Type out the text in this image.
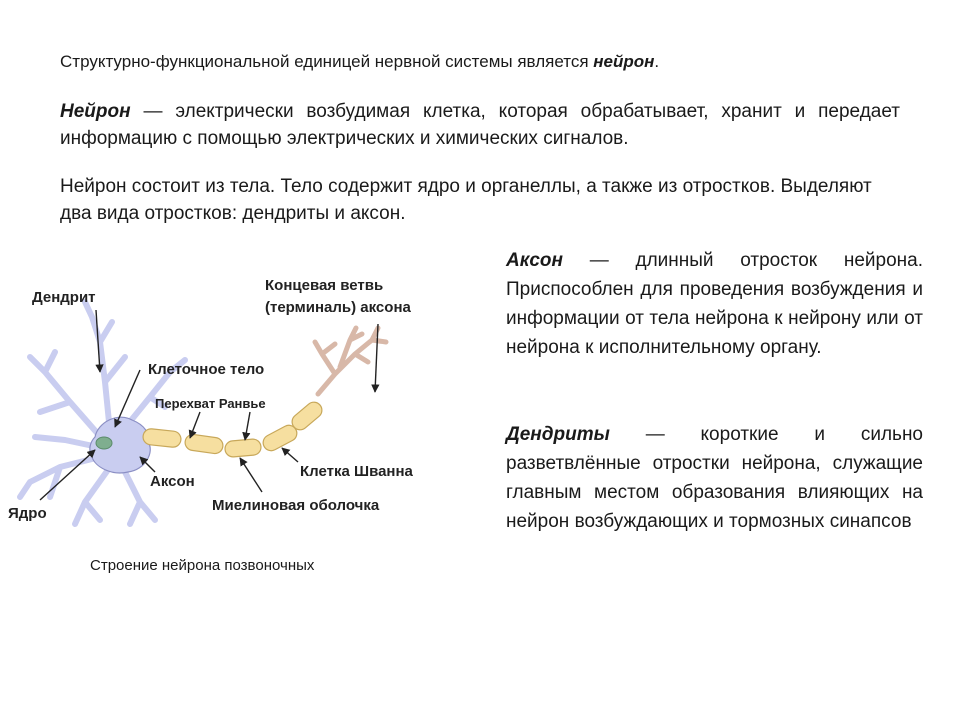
Структурно-функциональной единицей нервной системы является нейрон.

Нейрон — электрически возбудимая клетка, которая обрабатывает, хранит и передает информацию с помощью электрических и химических сигналов.

Нейрон состоит из тела. Тело содержит ядро и органеллы, а также из отростков. Выделяют два вида отростков: дендриты и аксон.

Аксон — длинный отросток нейрона. Приспособлен для проведения возбуждения и информации от тела нейрона к нейрону или от нейрона к исполнительному органу.

Дендриты — короткие и сильно разветвлённые отростки нейрона, служащие главным местом образования влияющих на нейрон возбуждающих и тормозных синапсов

Дендрит
Концевая ветвь
(терминаль) аксона
Клеточное тело
Перехват Ранвье
Аксон
Клетка Шванна
Ядро	Миелиновая оболочка

Строение нейрона позвоночных
